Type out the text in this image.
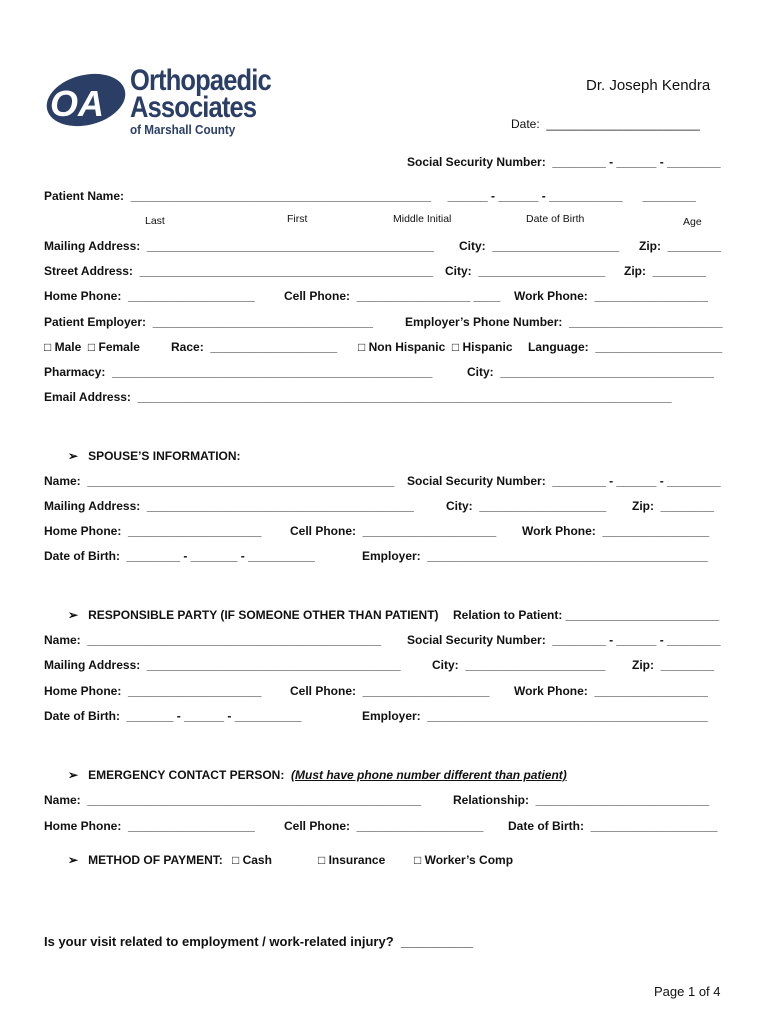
OA
Orthopaedic
Associates
of Marshall County
Dr. Joseph Kendra
Date:  _______________________
Social Security Number:  ________ - ______ - ________
Patient Name:  _____________________________________________     ______ - ______ - ___________      ________
Last	First	Middle Initial	Date of Birth	Age
Mailing Address:  ___________________________________________ City:  ___________________ Zip:  ________
Street Address:  ____________________________________________ City:  ___________________ Zip:  ________
Home Phone:  ___________________ Cell Phone:  _________________ ____ Work Phone:  _________________
Patient Employer:  _________________________________	Employer’s Phone Number:  _______________________
□ Male  □ Female	Race:  ___________________ □ Non Hispanic  □ Hispanic Language:  ___________________
Pharmacy:  ________________________________________________	City:  ________________________________
Email Address:  ________________________________________________________________________________
➢ SPOUSE’S INFORMATION:
Name:  ______________________________________________ Social Security Number:  ________ - ______ - ________
Mailing Address:  ________________________________________	City:  ___________________ Zip:  ________
Home Phone:  ____________________ Cell Phone:  ____________________ Work Phone:  ________________
Date of Birth:  ________ - _______ - __________	Employer:  __________________________________________
➢ RESPONSIBLE PARTY (IF SOMEONE OTHER THAN PATIENT) Relation to Patient: _______________________
Name:  ____________________________________________ Social Security Number:  ________ - ______ - ________
Mailing Address:  ______________________________________	City:  _____________________ Zip:  ________
Home Phone:  ____________________ Cell Phone:  ___________________ Work Phone:  _________________
Date of Birth:  _______ - ______ - __________	Employer:  __________________________________________
➢ EMERGENCY CONTACT PERSON: (Must have phone number different than patient)
Name:  __________________________________________________	Relationship:  __________________________
Home Phone:  ___________________ Cell Phone:  ___________________ Date of Birth:  ___________________
➢ METHOD OF PAYMENT: □ Cash	□ Insurance □ Worker’s Comp
Is your visit related to employment / work-related injury?  __________
Page 1 of 4
